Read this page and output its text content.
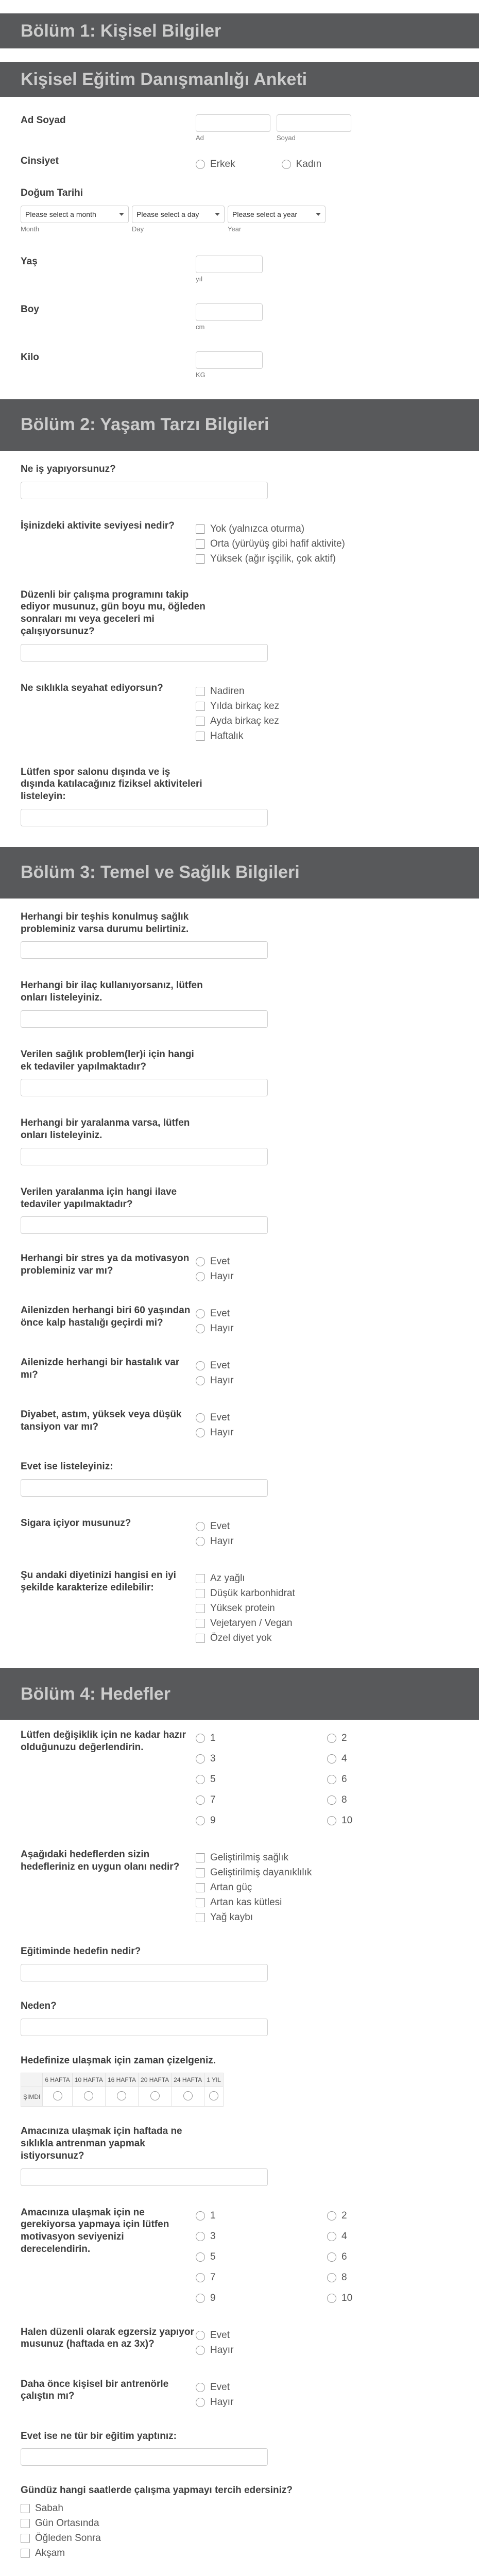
Bölüm 1: Kişisel Bilgiler
Kişisel Eğitim Danışmanlığı Anketi
Ad Soyad
Ad	Soyad
Cinsiyet	Erkek	Kadın
Doğum Tarihi
Please select a month
Month
Please select a day
Day
Please select a year
Year
Yaş
yıl
Boy
cm
Kilo
KG
Bölüm 2: Yaşam Tarzı Bilgileri
Ne iş yapıyorsunuz?
İşinizdeki aktivite seviyesi nedir?	Yok (yalnızca oturma)
Orta (yürüyüş gibi hafif aktivite)
Yüksek (ağır işçilik, çok aktif)
Düzenli bir çalışma programını takip ediyor musunuz, gün boyu mu, öğleden sonraları mı veya geceleri mi çalışıyorsunuz?
Ne sıklıkla seyahat ediyorsun?	Nadiren
Yılda birkaç kez
Ayda birkaç kez
Haftalık
Lütfen spor salonu dışında ve iş dışında katılacağınız fiziksel aktiviteleri listeleyin:
Bölüm 3: Temel ve Sağlık Bilgileri
Herhangi bir teşhis konulmuş sağlık probleminiz varsa durumu belirtiniz.
Herhangi bir ilaç kullanıyorsanız, lütfen onları listeleyiniz.
Verilen sağlık problem(ler)i için hangi ek tedaviler yapılmaktadır?
Herhangi bir yaralanma varsa, lütfen onları listeleyiniz.
Verilen yaralanma için hangi ilave tedaviler yapılmaktadır?
Herhangi bir stres ya da motivasyon probleminiz var mı?
Evet
Hayır
Ailenizden herhangi biri 60 yaşından önce kalp hastalığı geçirdi mi?
Evet
Hayır
Ailenizde herhangi bir hastalık var mı?
Evet
Hayır
Diyabet, astım, yüksek veya düşük tansiyon var mı?
Evet
Hayır
Evet ise listeleyiniz:
Sigara içiyor musunuz?	Evet
Hayır
Şu andaki diyetinizi hangisi en iyi şekilde karakterize edilebilir:
Az yağlı
Düşük karbonhidrat
Yüksek protein
Vejetaryen / Vegan
Özel diyet yok
Bölüm 4: Hedefler
Lütfen değişiklik için ne kadar hazır olduğunuzu değerlendirin.
1	2
3	4
5	6
7	8
9	10
Aşağıdaki hedeflerden sizin hedefleriniz en uygun olanı nedir?
Geliştirilmiş sağlık
Geliştirilmiş dayanıklılık
Artan güç
Artan kas kütlesi
Yağ kaybı
Eğitiminde hedefin nedir?
Neden?
Hedefinize ulaşmak için zaman çizelgeniz.
	6 HAFTA	10 HAFTA	16 HAFTA	20 HAFTA	24 HAFTA	1 YIL
ŞIMDI						
Amacınıza ulaşmak için haftada ne sıklıkla antrenman yapmak istiyorsunuz?
Amacınıza ulaşmak için ne gerekiyorsa yapmaya için lütfen motivasyon seviyenizi derecelendirin.
1	2
3	4
5	6
7	8
9	10
Halen düzenli olarak egzersiz yapıyor musunuz (haftada en az 3x)?
Evet
Hayır
Daha önce kişisel bir antrenörle çalıştın mı?
Evet
Hayır
Evet ise ne tür bir eğitim yaptınız:
Gündüz hangi saatlerde çalışma yapmayı tercih edersiniz?
Sabah
Gün Ortasında
Öğleden Sonra
Akşam
